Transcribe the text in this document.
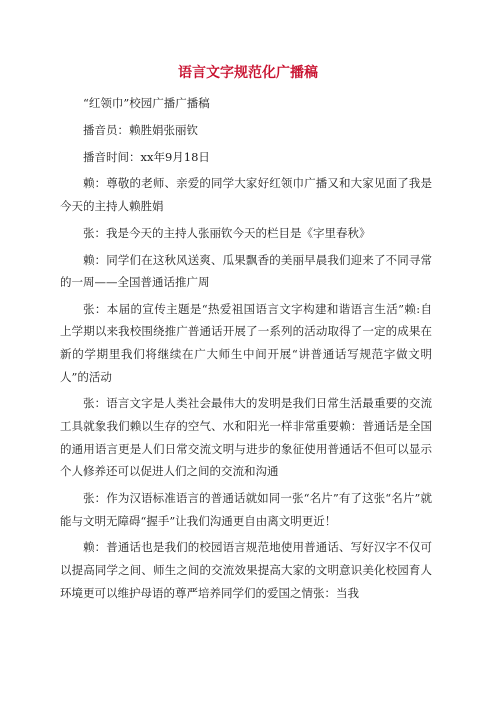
语言文字规范化广播稿

“红领巾”校园广播广播稿

播音员：赖胜娟张丽钦

播音时间：xx年9月18日

赖：尊敬的老师、亲爱的同学大家好红领巾广播又和大家见面了我是今天的主持人赖胜娟

张：我是今天的主持人张丽钦今天的栏目是《字里春秋》

赖：同学们在这秋风送爽、瓜果飘香的美丽早晨我们迎来了不同寻常的一周——全国普通话推广周

张：本届的宣传主题是“热爱祖国语言文字构建和谐语言生活”赖:自上学期以来我校围绕推广普通话开展了一系列的活动取得了一定的成果在新的学期里我们将继续在广大师生中间开展“讲普通话写规范字做文明人”的活动

张：语言文字是人类社会最伟大的发明是我们日常生活最重要的交流工具就象我们赖以生存的空气、水和阳光一样非常重要赖：普通话是全国的通用语言更是人们日常交流文明与进步的象征使用普通话不但可以显示个人修养还可以促进人们之间的交流和沟通

张：作为汉语标准语言的普通话就如同一张“名片”有了这张“名片”就能与文明无障碍“握手”让我们沟通更自由离文明更近！

赖：普通话也是我们的校园语言规范地使用普通话、写好汉字不仅可以提高同学之间、师生之间的交流效果提高大家的文明意识美化校园育人环境更可以维护母语的尊严培养同学们的爱国之情张：当我
